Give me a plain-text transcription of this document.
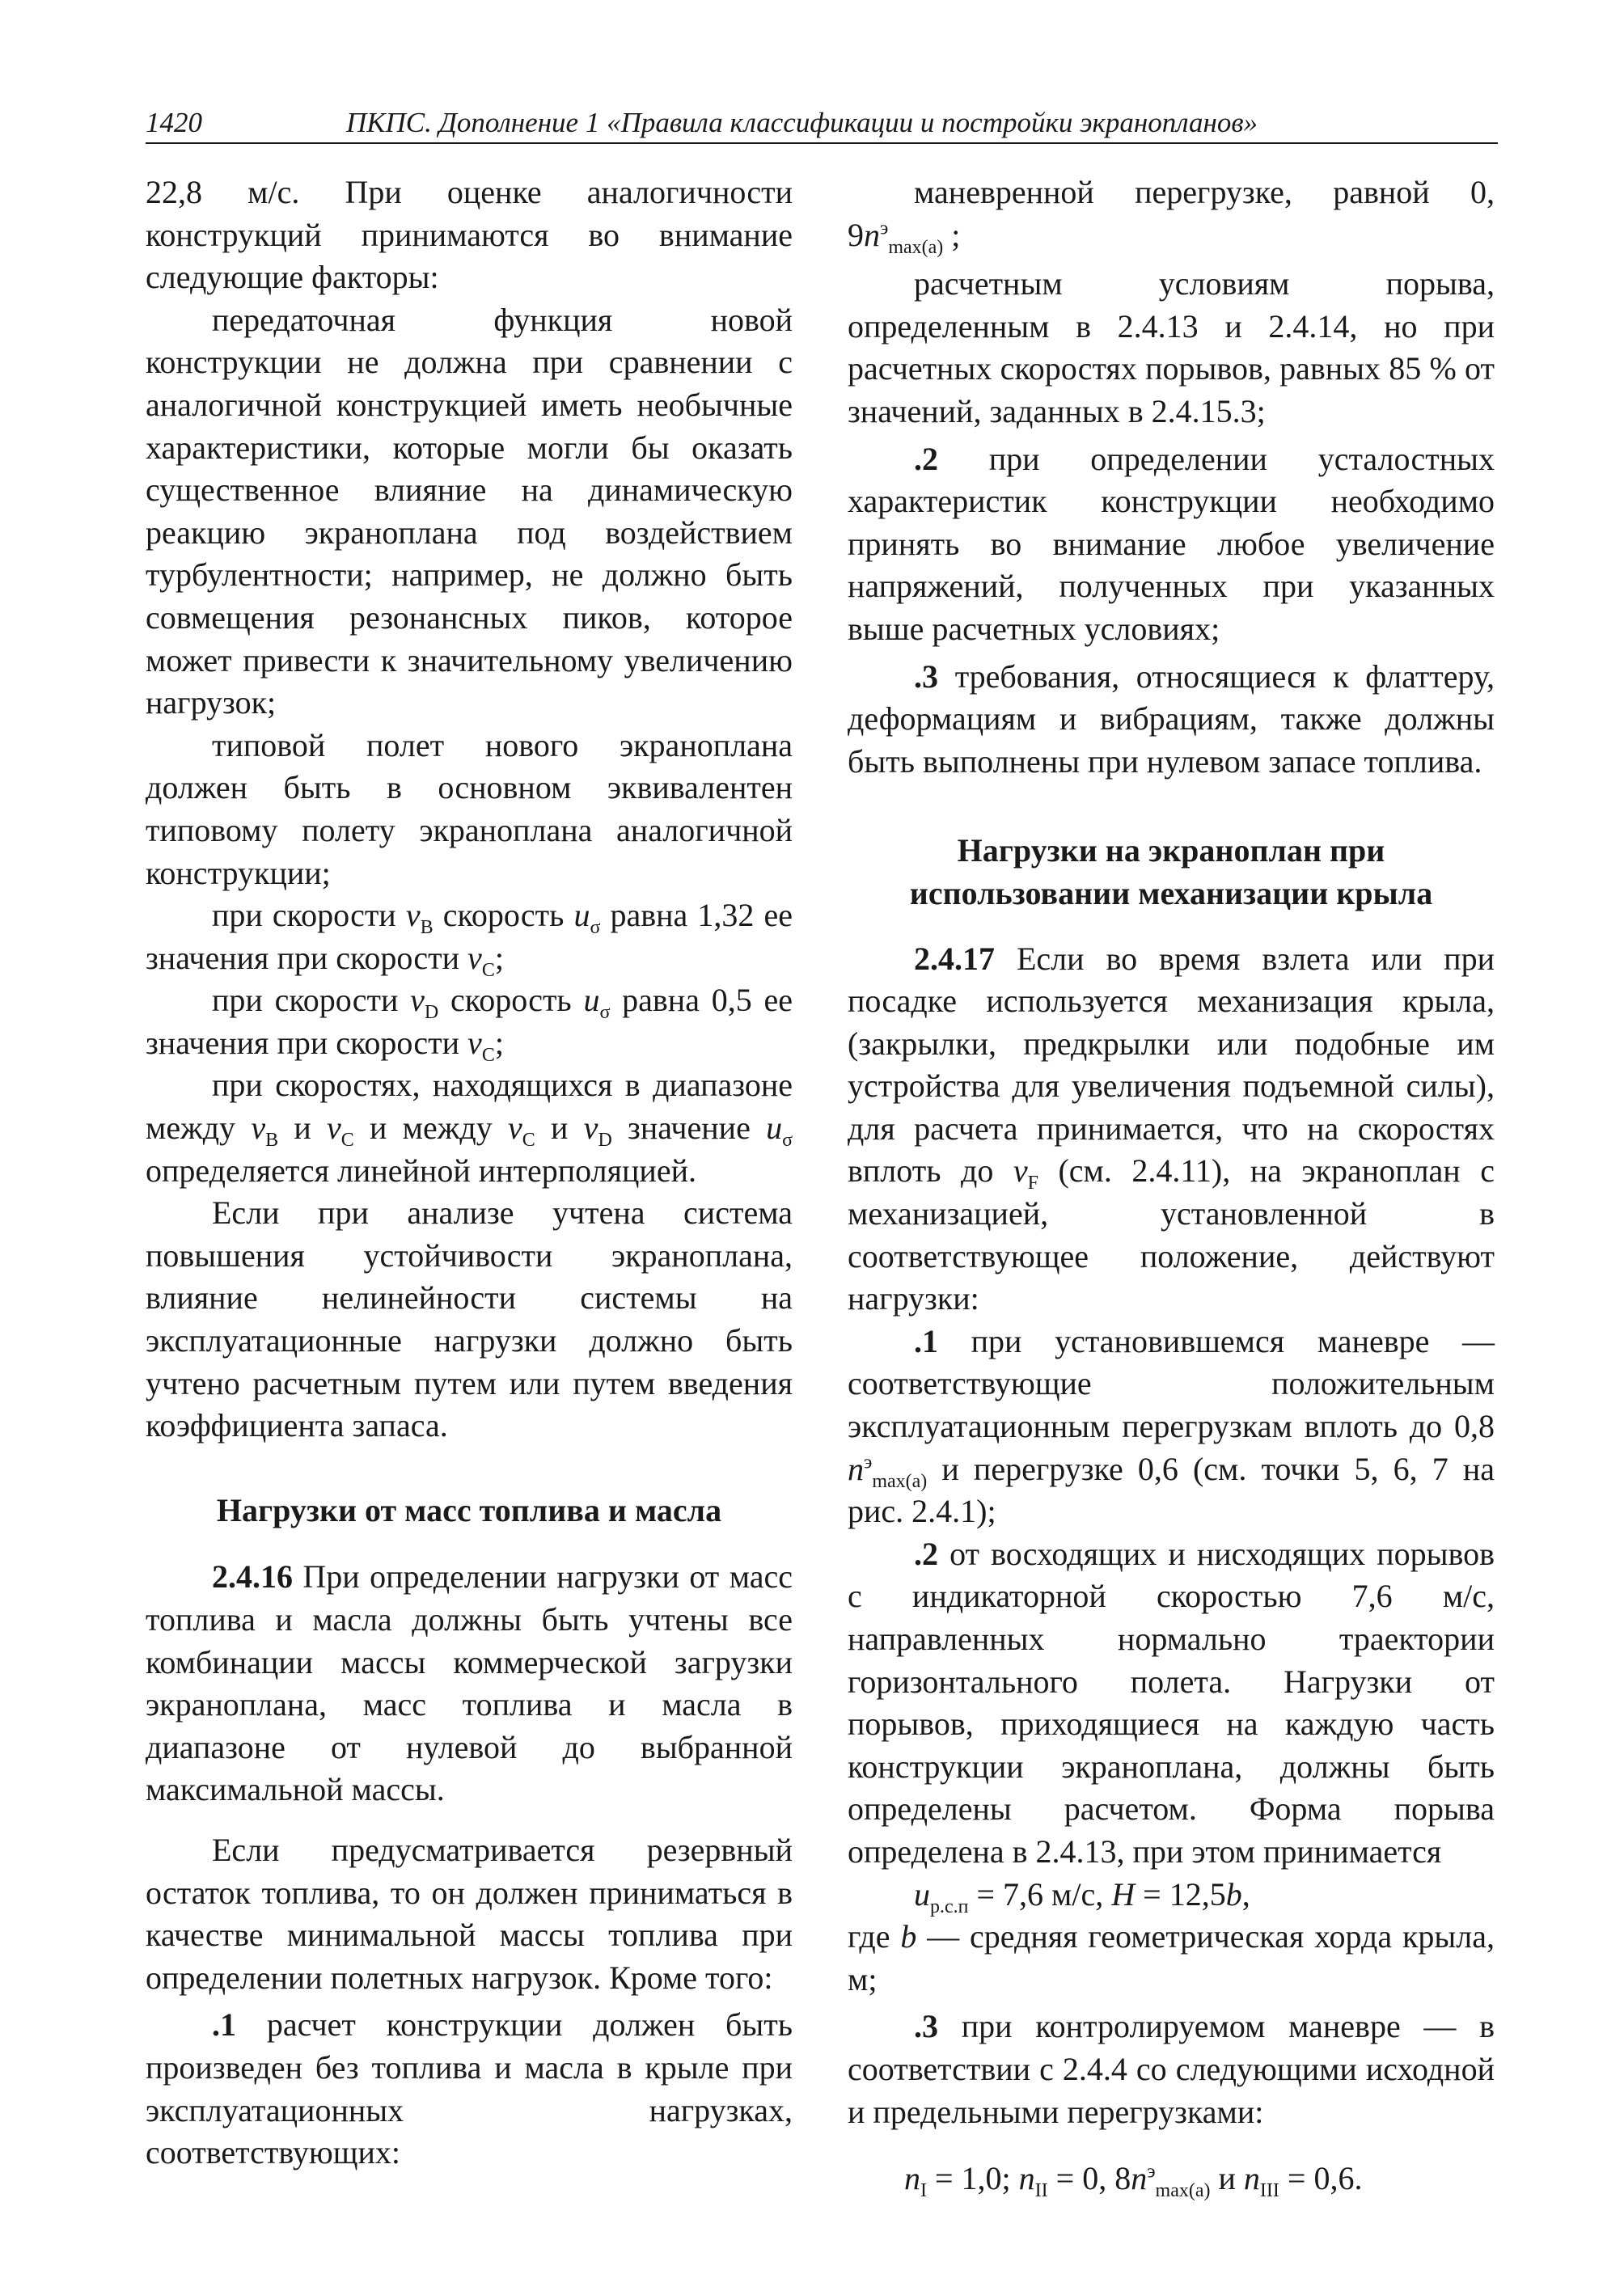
1420	ПКПС. Дополнение 1 «Правила классификации и постройки экранопланов»

22,8 м/с. При оценке аналогичности конструкций принимаются во внимание следующие факторы:

передаточная функция новой конструкции не должна при сравнении с аналогичной конструкцией иметь необычные характеристики, которые могли бы оказать существенное влияние на динамическую реакцию экраноплана под воздействием турбулентности; например, не должно быть совмещения резонансных пиков, которое может привести к значительному увеличению нагрузок;

типовой полет нового экраноплана должен быть в основном эквивалентен типовому полету экраноплана аналогичной конструкции;

при скорости $v_B$ скорость $u_\sigma$ равна 1,32 ее значения при скорости $v_C$;

при скорости $v_D$ скорость $u_\sigma$ равна 0,5 ее значения при скорости $v_C$;

при скоростях, находящихся в диапазоне между $v_B$ и $v_C$ и между $v_C$ и $v_D$ значение $u_\sigma$ определяется линейной интерполяцией.

Если при анализе учтена система повышения устойчивости экраноплана, влияние нелинейности системы на эксплуатационные нагрузки должно быть учтено расчетным путем или путем введения коэффициента запаса.

Нагрузки от масс топлива и масла

2.4.16 При определении нагрузки от масс топлива и масла должны быть учтены все комбинации массы коммерческой загрузки экраноплана, масс топлива и масла в диапазоне от нулевой до выбранной максимальной массы.

Если предусматривается резервный остаток топлива, то он должен приниматься в качестве минимальной массы топлива при определении полетных нагрузок. Кроме того:

.1 расчет конструкции должен быть произведен без топлива и масла в крыле при эксплуатационных нагрузках, соответствующих:

маневренной перегрузке, равной 0, $9n^э_{max(a)}$ ;

расчетным условиям порыва, определенным в 2.4.13 и 2.4.14, но при расчетных скоростях порывов, равных 85 % от значений, заданных в 2.4.15.3;

.2 при определении усталостных характеристик конструкции необходимо принять во внимание любое увеличение напряжений, полученных при указанных выше расчетных условиях;

.3 требования, относящиеся к флаттеру, деформациям и вибрациям, также должны быть выполнены при нулевом запасе топлива.

Нагрузки на экраноплан при использовании механизации крыла

2.4.17 Если во время взлета или при посадке используется механизация крыла, (закрылки, предкрылки или подобные им устройства для увеличения подъемной силы), для расчета принимается, что на скоростях вплоть до $v_F$ (см. 2.4.11), на экраноплан с механизацией, установленной в соответствующее положение, действуют нагрузки:

.1 при установившемся маневре — соответствующие положительным эксплуатационным перегрузкам вплоть до 0,8 $n^э_{max(a)}$ и перегрузке 0,6 (см. точки 5, 6, 7 на рис. 2.4.1);

.2 от восходящих и нисходящих порывов с индикаторной скоростью 7,6 м/с, направленных нормально траектории горизонтального полета. Нагрузки от порывов, приходящиеся на каждую часть конструкции экраноплана, должны быть определены расчетом. Форма порыва определена в 2.4.13, при этом принимается

$u_{р.с.п} = 7,6$ м/с, H = 12,5b,

где b — средняя геометрическая хорда крыла, м;

.3 при контролируемом маневре — в соответствии с 2.4.4 со следующими исходной и предельными перегрузками:

$n_I = 1,0$; $n_{II} = 0$, $8n^э_{max(a)}$ и $n_{III} = 0,6$.
